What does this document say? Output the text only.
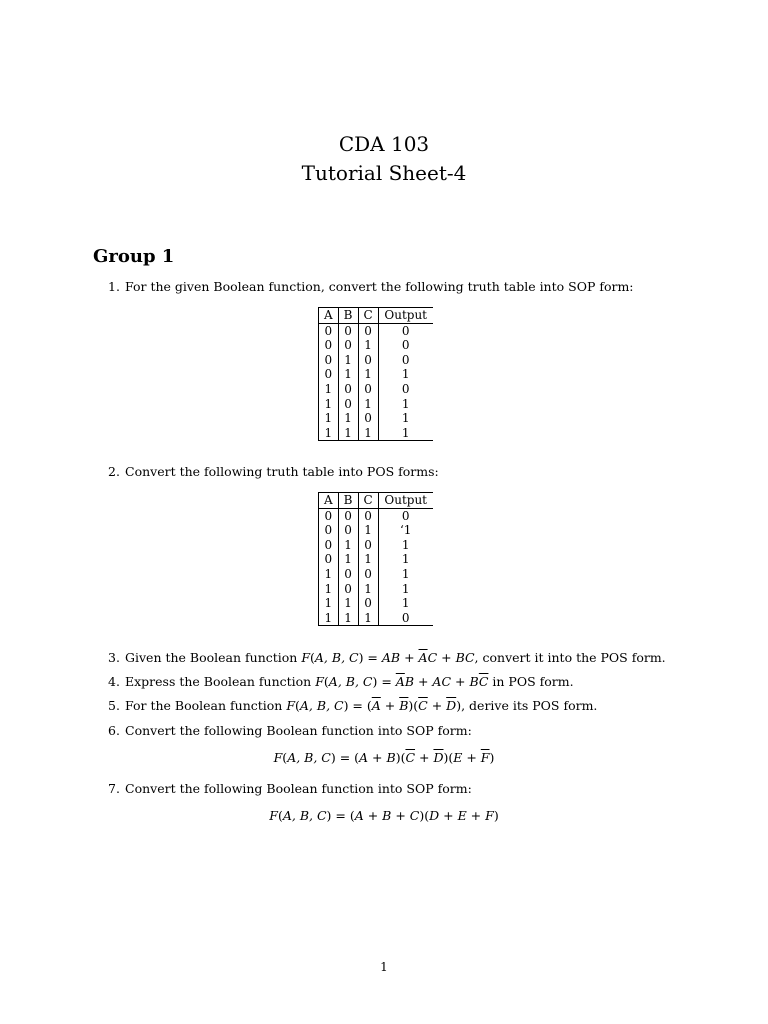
CDA 103
Tutorial Sheet-4
Group 1
1. For the given Boolean function, convert the following truth table into SOP form:
A	B	C	Output
0	0	0	0
0	0	1	0
0	1	0	0
0	1	1	1
1	0	0	0
1	0	1	1
1	1	0	1
1	1	1	1
2. Convert the following truth table into POS forms:
A	B	C	Output
0	0	0	0
0	0	1	‘1
0	1	0	1
0	1	1	1
1	0	0	1
1	0	1	1
1	1	0	1
1	1	1	0
3. Given the Boolean function F(A, B, C) = AB + $\overline{A}C$ + BC, convert it into the POS form.
4. Express the Boolean function F(A, B, $C) = \overline{A}B$ + AC + $B\overline{C}$ in POS form.
5. For the Boolean function F(A, B, $C) = (\overline{A} + \overline{B})(\overline{C} + \overline{D})$, derive its POS form.
6. Convert the following Boolean function into SOP form:
F(A, B, $C) = (A + B)(\overline{C} + \overline{D})(E + \overline{F})$
7. Convert the following Boolean function into SOP form:
F(A, B, C) = (A + B + C)(D + E + F)
1
